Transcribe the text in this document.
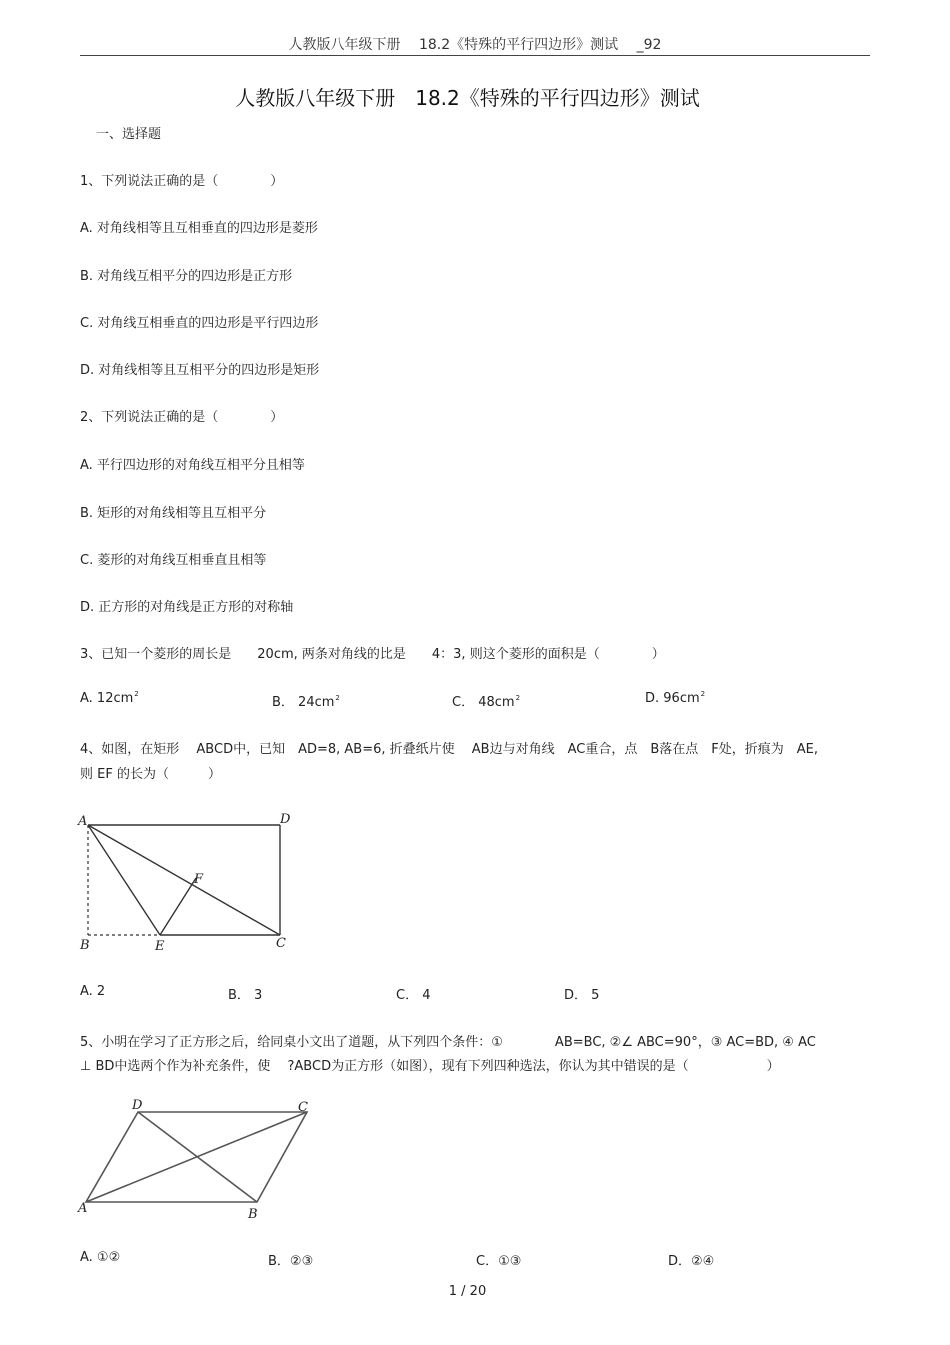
人教版八年级下册　 18.2《特殊的平行四边形》测试　 _92
人教版八年级下册　18.2《特殊的平行四边形》测试
一、选择题
1、下列说法正确的是（　　　　）
A. 对角线相等且互相垂直的四边形是菱形
B. 对角线互相平分的四边形是正方形
C. 对角线互相垂直的四边形是平行四边形
D. 对角线相等且互相平分的四边形是矩形
2、下列说法正确的是（　　　　）
A. 平行四边形的对角线互相平分且相等
B. 矩形的对角线相等且互相平分
C. 菱形的对角线互相垂直且相等
D. 正方形的对角线是正方形的对称轴
3、已知一个菱形的周长是　　20cm, 两条对角线的比是　　4：3, 则这个菱形的面积是（　　　　）
A. $12cm^2$
B． $24cm^2$	C． $48cm^2$	D. $96cm^2$
4、如图，在矩形　 ABCD中，已知　AD=8, AB=6, 折叠纸片使　 AB边与对角线　AC重合，点　B落在点　F处，折痕为　AE,
则 EF 的长为（　　　）
A	D
B	E	C
F
A. 2	B． 3	C． 4	D． 5
5、小明在学习了正方形之后，给同桌小文出了道题，从下列四个条件：①　　　　AB=BC, ②∠ ABC=90°，③ AC=BD, ④ AC
⊥ BD中选两个作为补充条件，使　 ?ABCD为正方形（如图），现有下列四种选法，你认为其中错误的是（　　　　　　）
D	C
A	B
A. ①②	B．②③	C．①③	D．②④
1 / 20
